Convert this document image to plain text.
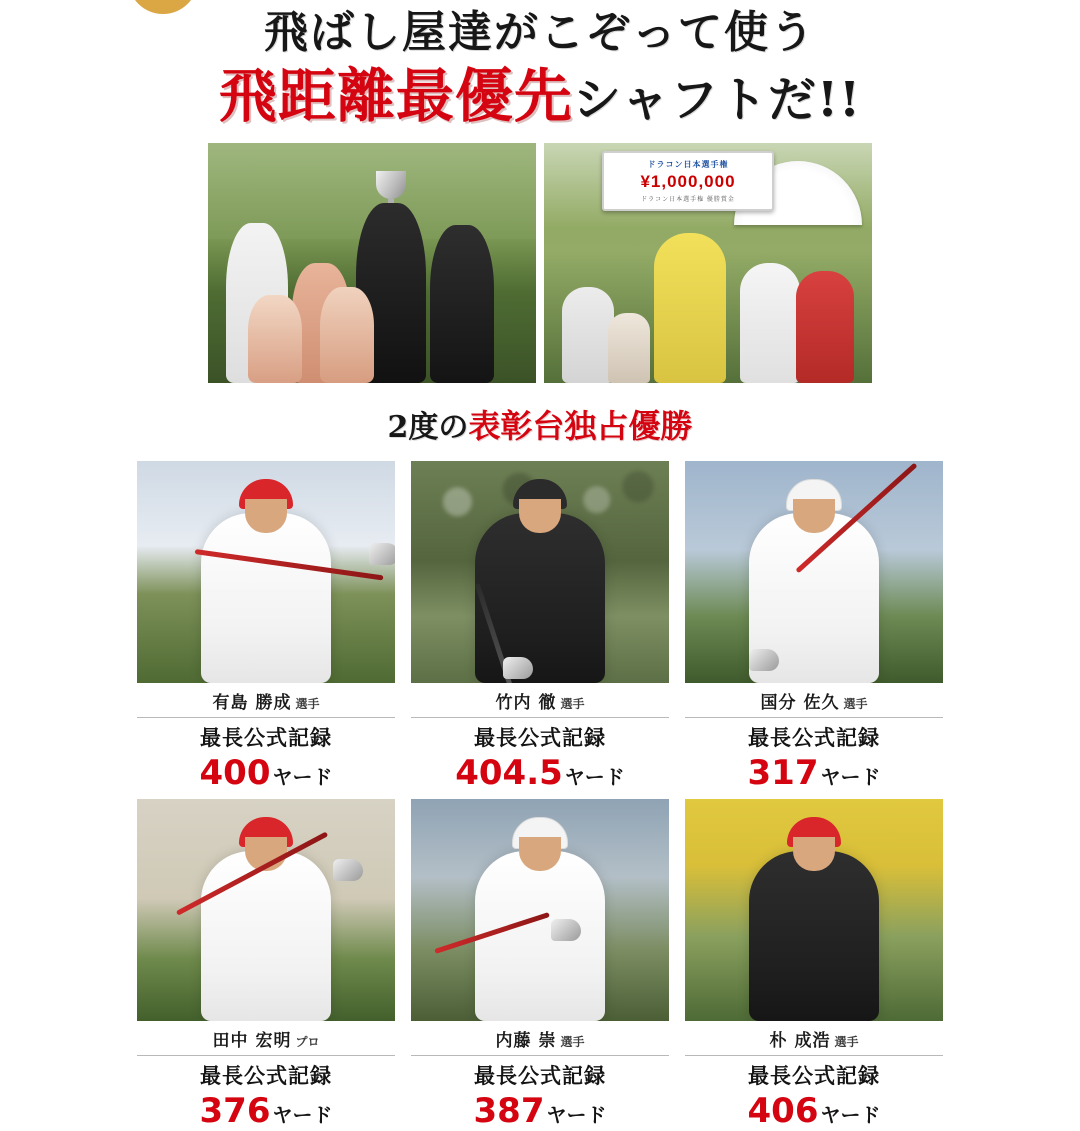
飛ばし屋達がこぞって使う
飛距離最優先シャフトだ!!
ドラコン日本選手権
¥1,000,000
ドラコン日本選手権 優勝賞金
2度の表彰台独占優勝
有島 勝成 選手
最長公式記録
400 ヤード
竹内 徹 選手
最長公式記録
404.5 ヤード
国分 佐久 選手
最長公式記録
317 ヤード
田中 宏明 プロ
最長公式記録
376 ヤード
内藤 崇 選手
最長公式記録
387 ヤード
朴 成浩 選手
最長公式記録
406 ヤード
